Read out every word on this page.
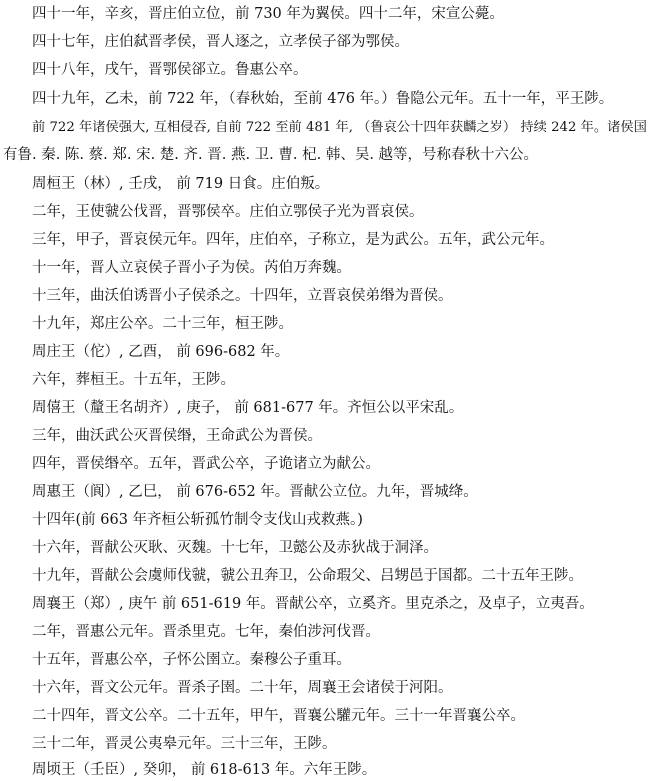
四十一年，辛亥，晋庄伯立位，前 730 年为翼侯。四十二年，宋宣公薨。
四十七年，庄伯弑晋孝侯，晋人逐之，立孝侯子郤为鄂侯。
四十八年，戌午，晋鄂侯郤立。鲁惠公卒。
四十九年，乙未，前 722 年，（春秋始，至前 476 年。）鲁隐公元年。五十一年，平王陟。
前 722 年诸侯强大, 互相侵吞, 自前 722 至前 481 年, （鲁哀公十四年获麟之岁） 持续 242 年。诸侯国
有鲁. 秦. 陈. 蔡. 郑. 宋. 楚. 齐. 晋. 燕. 卫. 曹. 杞. 韩、吴. 越等，号称春秋十六公。
周桓王（林）, 壬戌， 前 719 日食。庄伯叛。
二年，王使虢公伐晋，晋鄂侯卒。庄伯立鄂侯子光为晋哀侯。
三年，甲子，晋哀侯元年。四年，庄伯卒，子称立，是为武公。五年，武公元年。
十一年，晋人立哀侯子晋小子为侯。芮伯万奔魏。
十三年，曲沃伯诱晋小子侯杀之。十四年，立晋哀侯弟缗为晋侯。
十九年，郑庄公卒。二十三年，桓王陟。
周庄王（佗）, 乙酉， 前 696-682 年。
六年，葬桓王。十五年，王陟。
周僖王（釐王名胡齐）, 庚子， 前 681-677 年。齐恒公以平宋乱。
三年，曲沃武公灭晋侯缗，王命武公为晋侯。
四年，晋侯缗卒。五年，晋武公卒，子诡诸立为献公。
周惠王（阆）, 乙巳， 前 676-652 年。晋献公立位。九年，晋城绛。
十四年(前 663 年齐桓公斩孤竹制令支伐山戎救燕。)
十六年，晋献公灭耿、灭魏。十七年，卫懿公及赤狄战于洞泽。
十九年，晋献公会虞师伐虢，虢公丑奔卫，公命瑕父、吕甥邑于国都。二十五年王陟。
周襄王（郑）, 庚午 前 651-619 年。晋献公卒，立奚齐。里克杀之，及卓子，立夷吾。
二年，晋惠公元年。晋杀里克。七年，秦伯涉河伐晋。
十五年，晋惠公卒，子怀公圉立。秦穆公子重耳。
十六年，晋文公元年。晋杀子圉。二十年，周襄王会诸侯于河阳。
二十四年，晋文公卒。二十五年，甲午，晋襄公驩元年。三十一年晋襄公卒。
三十二年，晋灵公夷皋元年。三十三年，王陟。
周顷王（壬臣）, 癸卯， 前 618-613 年。六年王陟。
